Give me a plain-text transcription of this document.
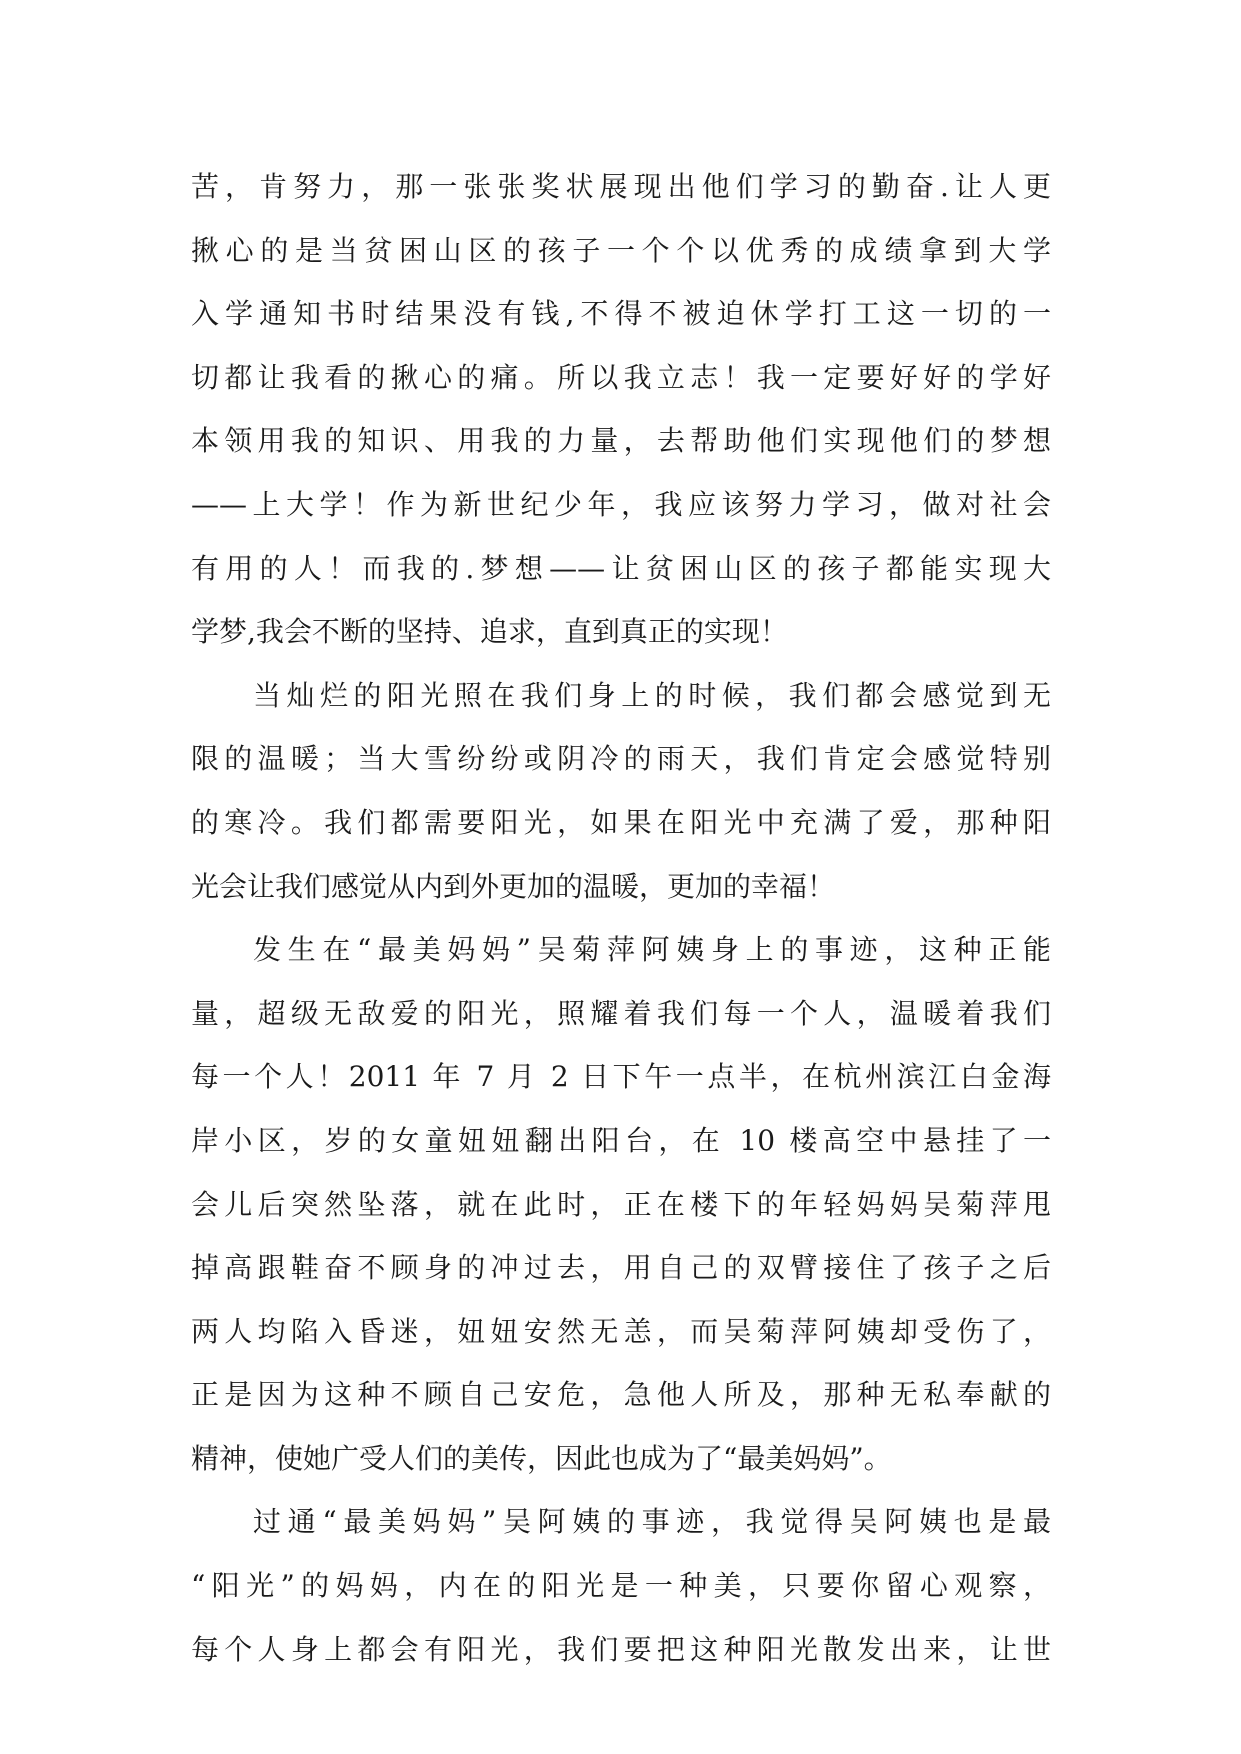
苦，肯努力，那一张张奖状展现出他们学习的勤奋.让人更
揪心的是当贫困山区的孩子一个个以优秀的成绩拿到大学
入学通知书时结果没有钱,不得不被迫休学打工这一切的一
切都让我看的揪心的痛。所以我立志！我一定要好好的学好
本领用我的知识、用我的力量，去帮助他们实现他们的梦想
——上大学！作为新世纪少年，我应该努力学习，做对社会
有用的人！而我的.梦想——让贫困山区的孩子都能实现大
学梦,我会不断的坚持、追求，直到真正的实现！
当灿烂的阳光照在我们身上的时候，我们都会感觉到无
限的温暖；当大雪纷纷或阴冷的雨天，我们肯定会感觉特别
的寒冷。我们都需要阳光，如果在阳光中充满了爱，那种阳
光会让我们感觉从内到外更加的温暖，更加的幸福！
发生在“最美妈妈”吴菊萍阿姨身上的事迹，这种正能
量，超级无敌爱的阳光，照耀着我们每一个人，温暖着我们
每一个人！2011 年 7 月 2 日下午一点半，在杭州滨江白金海
岸小区，岁的女童妞妞翻出阳台，在 10 楼高空中悬挂了一
会儿后突然坠落，就在此时，正在楼下的年轻妈妈吴菊萍甩
掉高跟鞋奋不顾身的冲过去，用自己的双臂接住了孩子之后
两人均陷入昏迷，妞妞安然无恙，而吴菊萍阿姨却受伤了，
正是因为这种不顾自己安危，急他人所及，那种无私奉献的
精神，使她广受人们的美传，因此也成为了“最美妈妈”。
过通“最美妈妈”吴阿姨的事迹，我觉得吴阿姨也是最
“阳光”的妈妈，内在的阳光是一种美，只要你留心观察，
每个人身上都会有阳光，我们要把这种阳光散发出来，让世
